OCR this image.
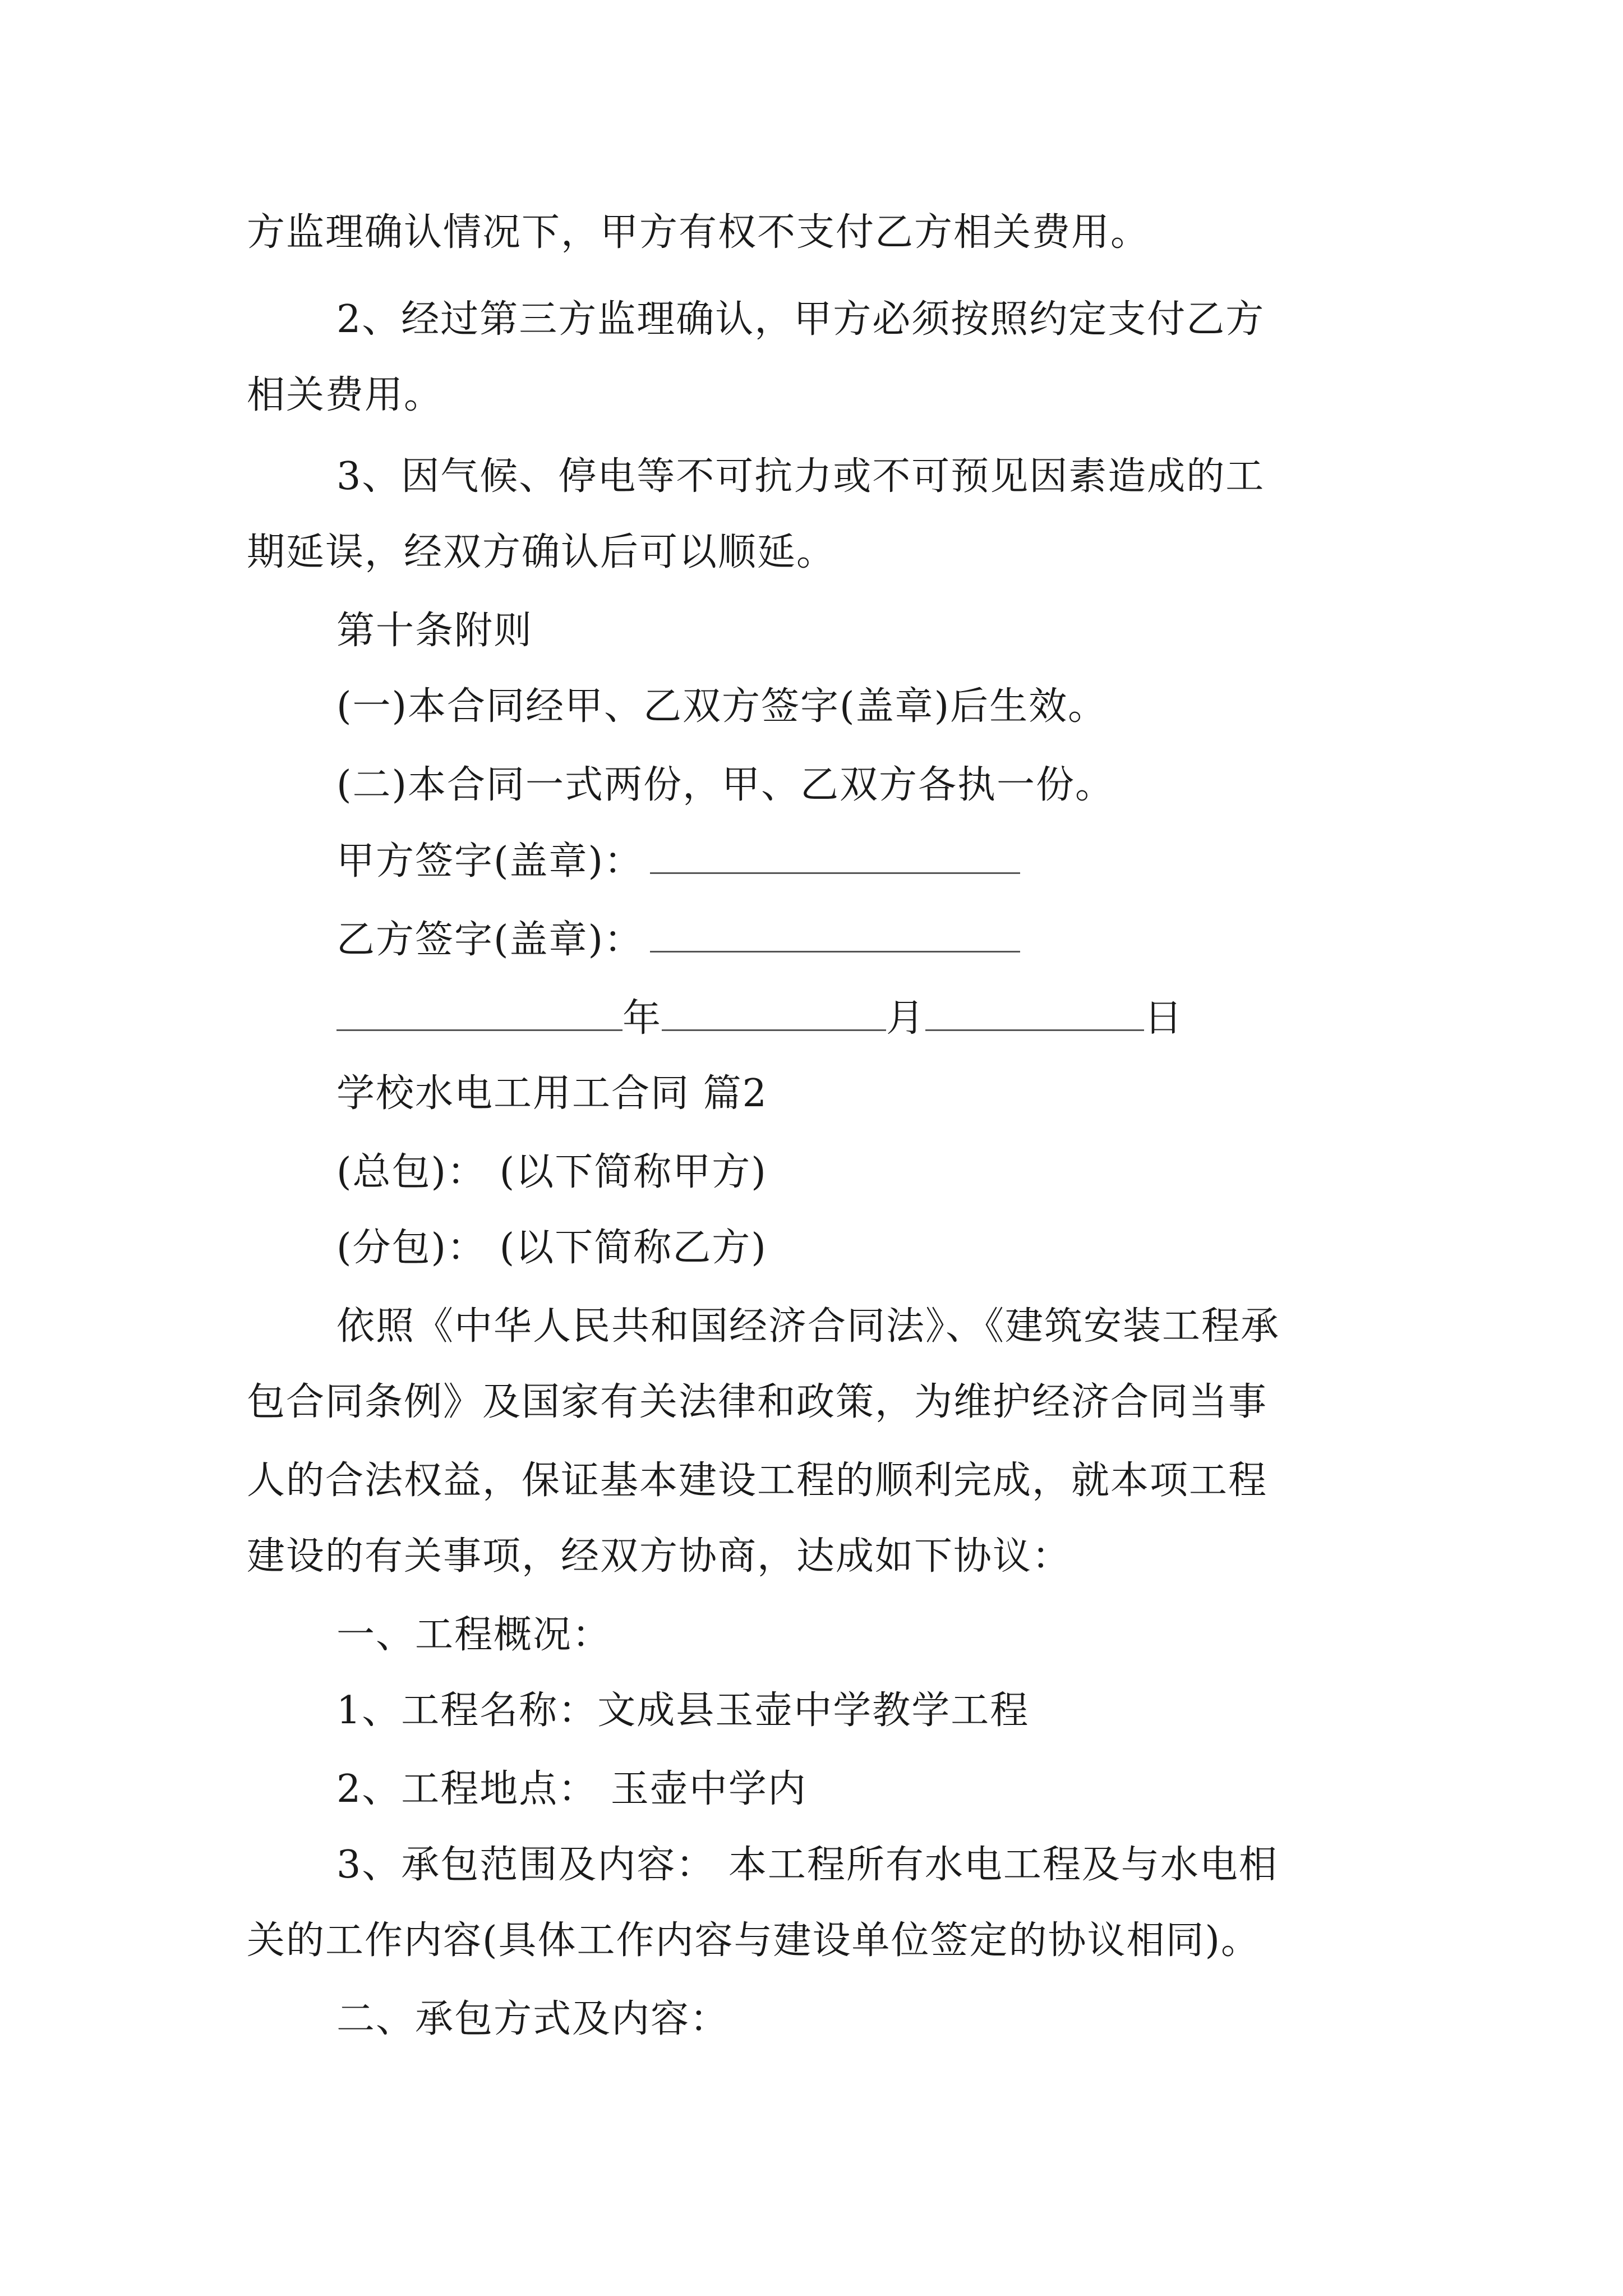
方监理确认情况下，甲方有权不支付乙方相关费用。
2、经过第三方监理确认，甲方必须按照约定支付乙方
相关费用。
3、因气候、停电等不可抗力或不可预见因素造成的工
期延误，经双方确认后可以顺延。
第十条附则
(一)本合同经甲、乙双方签字(盖章)后生效。
(二)本合同一式两份，甲、乙双方各执一份。
甲方签字(盖章)：
乙方签字(盖章)：
年	月	日
学校水电工用工合同 篇2
(总包)： (以下简称甲方)
(分包)： (以下简称乙方)
依照《中华人民共和国经济合同法》、《建筑安装工程承
包合同条例》及国家有关法律和政策，为维护经济合同当事
人的合法权益，保证基本建设工程的顺利完成，就本项工程
建设的有关事项，经双方协商，达成如下协议：
一、工程概况：
1、工程名称：文成县玉壶中学教学工程
2、工程地点： 玉壶中学内
3、承包范围及内容： 本工程所有水电工程及与水电相
关的工作内容(具体工作内容与建设单位签定的协议相同)。
二、承包方式及内容：
